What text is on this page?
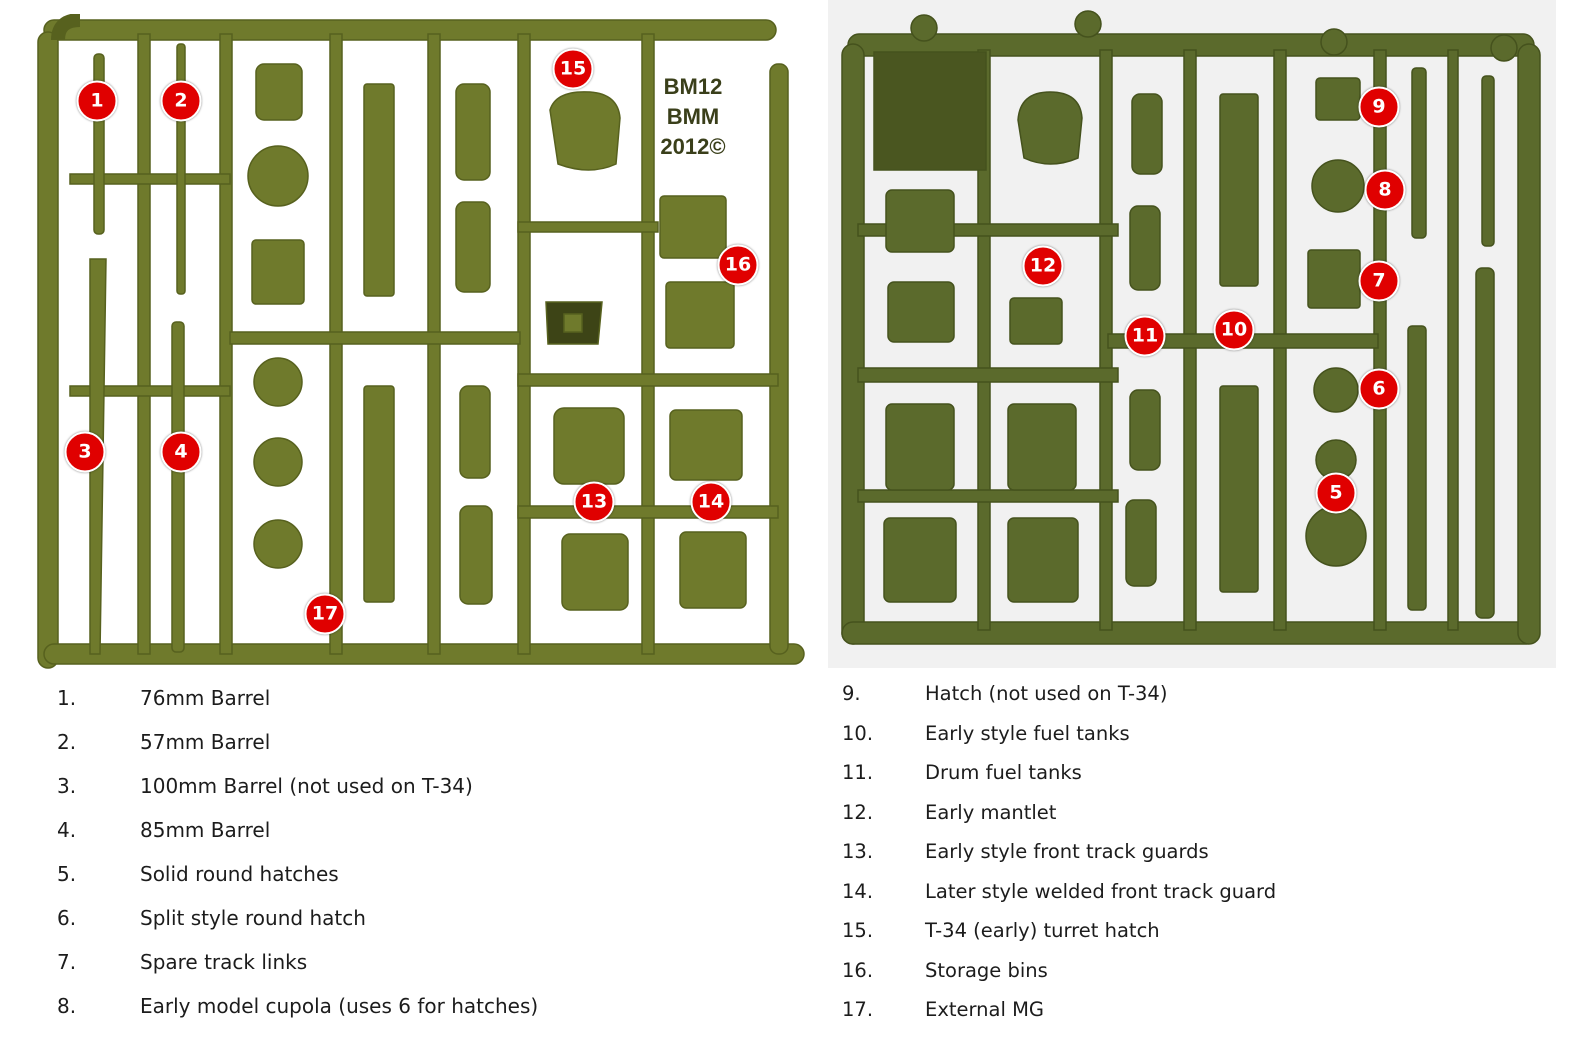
BM12
BMM
2012©
1	2
3	4
5
6
7
8
9
10
11
12
13	14
15
16
17
1.	76mm Barrel
2.	57mm Barrel
3.	100mm Barrel (not used on T-34)
4.	85mm Barrel
5.	Solid round hatches
6.	Split style round hatch
7.	Spare track links
8.	Early model cupola (uses 6 for hatches)
9.	Hatch (not used on T-34)
10.	Early style fuel tanks
11.	Drum fuel tanks
12.	Early mantlet
13.	Early style front track guards
14.	Later style welded front track guard
15.	T-34 (early) turret hatch
16.	Storage bins
17.	External MG
